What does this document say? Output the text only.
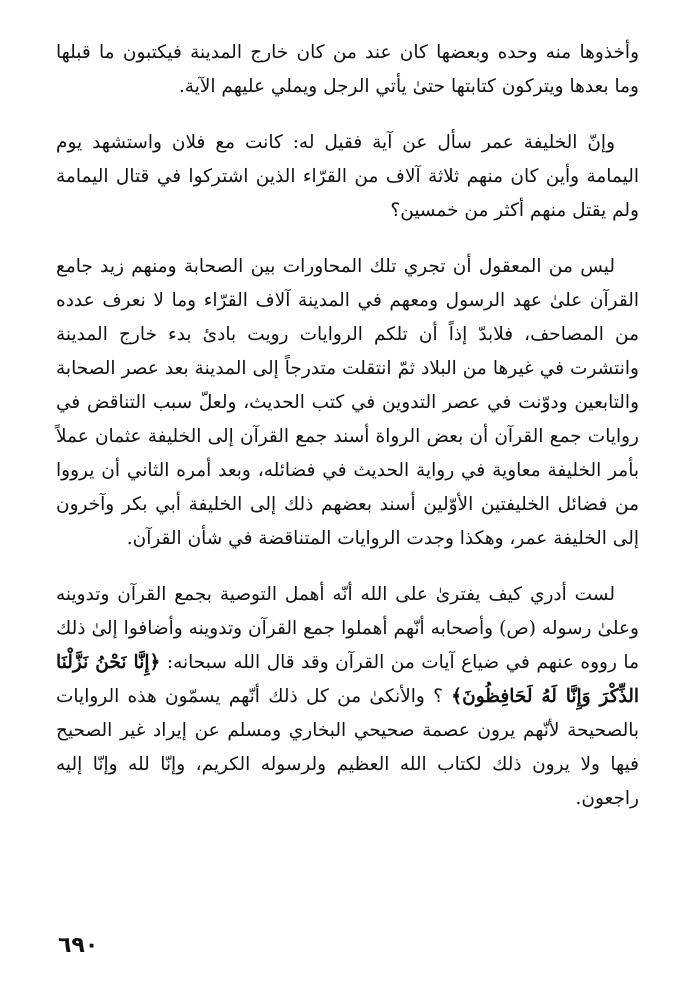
وأخذوها منه وحده وبعضها كان عند من كان خارج المدينة فيكتبون ما قبلها وما بعدها ويتركون كتابتها حتىٰ يأتي الرجل ويملي عليهم الآية.

وإنّ الخليفة عمر سأل عن آية فقيل له: كانت مع فلان واستشهد يوم اليمامة وأين كان منهم ثلاثة آلاف من القرّاء الذين اشتركوا في قتال اليمامة ولم يقتل منهم أكثر من خمسين؟

ليس من المعقول أن تجري تلك المحاورات بين الصحابة ومنهم زيد جامع القرآن علىٰ عهد الرسول ومعهم في المدينة آلاف القرّاء وما لا نعرف عدده من المصاحف، فلابدّ إذاً أن تلكم الروايات رويت بادئ بدء خارج المدينة وانتشرت في غيرها من البلاد ثمّ انتقلت متدرجاً إلى المدينة بعد عصر الصحابة والتابعين ودوّنت في عصر التدوين في كتب الحديث، ولعلّ سبب التناقض في روايات جمع القرآن أن بعض الرواة أسند جمع القرآن إلى الخليفة عثمان عملاً بأمر الخليفة معاوية في رواية الحديث في فضائله، وبعد أمره الثاني أن يرووا من فضائل الخليفتين الأوّلين أسند بعضهم ذلك إلى الخليفة أبي بكر وآخرون إلى الخليفة عمر، وهكذا وجدت الروايات المتناقضة في شأن القرآن.

لست أدري كيف يفترىٰ على الله أنّه أهمل التوصية بجمع القرآن وتدوينه وعلىٰ رسوله (ص) وأصحابه أنّهم أهملوا جمع القرآن وتدوينه وأضافوا إلىٰ ذلك ما رووه عنهم في ضياع آيات من القرآن وقد قال الله سبحانه: ﴿إِنَّا نَحْنُ نَزَّلْنَا الذِّكْرَ وَإِنَّا لَهُ لَحَافِظُونَ﴾ ؟ والأنكىٰ من كل ذلك أنّهم يسمّون هذه الروايات بالصحيحة لأنّهم يرون عصمة صحيحي البخاري ومسلم عن إيراد غير الصحيح فيها ولا يرون ذلك لكتاب الله العظيم ولرسوله الكريم، وإنّا لله وإنّا إليه راجعون.

٦٩٠
